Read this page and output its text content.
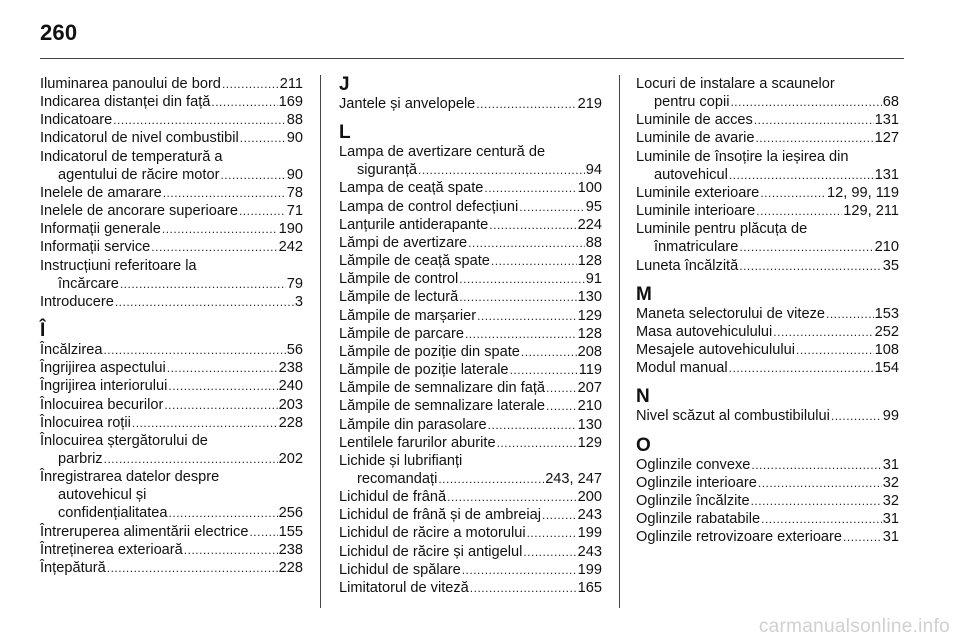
260
Iluminarea panoului de bord .....	211
Indicarea distanței din față .....	169
Indicatoare .....	88
Indicatorul de nivel combustibil .....	90
Indicatorul de temperatură a
agentului de răcire motor .....	90
Inelele de amarare .....	78
Inelele de ancorare superioare .....	71
Informații generale .....	190
Informații service .....	242
Instrucțiuni referitoare la
încărcare .....	79
Introducere .....	3
Î
Încălzirea .....	56
Îngrijirea aspectului .....	238
Îngrijirea interiorului .....	240
Înlocuirea becurilor .....	203
Înlocuirea roții .....	228
Înlocuirea ștergătorului de
parbriz .....	202
Înregistrarea datelor despre
autovehicul și
confidențialitatea .....	256
Întreruperea alimentării electrice ..... 155
Întreținerea exterioară .....	238
Înțepătură .....	228
J
Jantele și anvelopele .....	219
L
Lampa de avertizare centură de
siguranță .....	94
Lampa de ceață spate .....	100
Lampa de control defecțiuni .....	95
Lanțurile antiderapante .....	224
Lămpi de avertizare .....	88
Lămpile de ceață spate .....	128
Lămpile de control .....	91
Lămpile de lectură .....	130
Lămpile de marșarier .....	129
Lămpile de parcare .....	128
Lămpile de poziție din spate .....	208
Lămpile de poziție laterale .....	119
Lămpile de semnalizare din față ..... 207
Lămpile de semnalizare laterale ..... 210
Lămpile din parasolare .....	130
Lentilele farurilor aburite .....	129
Lichide și lubrifianți
recomandați .....	243, 247
Lichidul de frână .....	200
Lichidul de frână și de ambreiaj .....	243
Lichidul de răcire a motorului .....	199
Lichidul de răcire și antigelul .....	243
Lichidul de spălare .....	199
Limitatorul de viteză .....	165
Locuri de instalare a scaunelor
pentru copii .....	68
Luminile de acces .....	131
Luminile de avarie .....	127
Luminile de însoțire la ieșirea din
autovehicul .....	131
Luminile exterioare .....	12, 99, 119
Luminile interioare .....	129, 211
Luminile pentru plăcuța de
înmatriculare .....	210
Luneta încălzită .....	35
M
Maneta selectorului de viteze .....	153
Masa autovehiculului .....	252
Mesajele autovehiculului .....	108
Modul manual .....	154
N
Nivel scăzut al combustibilului .....	99
O
Oglinzile convexe .....	31
Oglinzile interioare .....	32
Oglinzile încălzite .....	32
Oglinzile rabatabile .....	31
Oglinzile retrovizoare exterioare .....	31
carmanualsonline.info
